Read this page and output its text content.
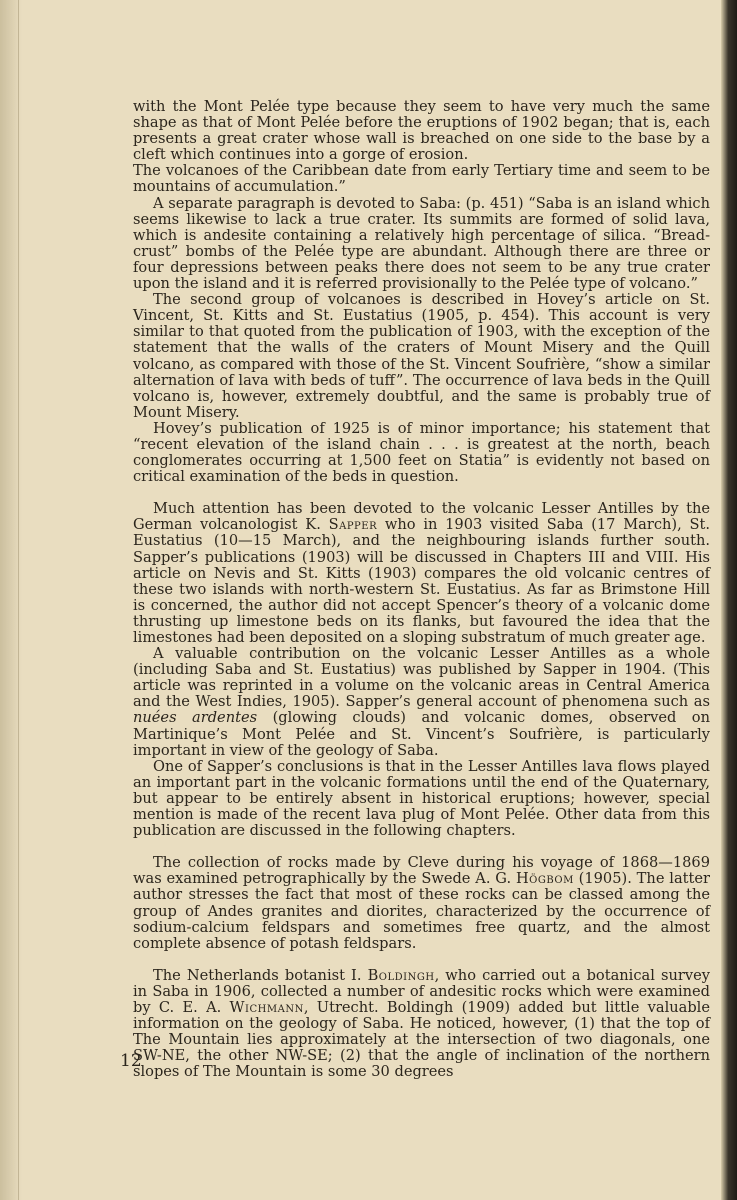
with the Mont Pelée type because they seem to have very much the same shape as that of Mont Pelée before the eruptions of 1902 began; that is, each presents a great crater whose wall is breached on one side to the base by a cleft which continues into a gorge of erosion.

The volcanoes of the Caribbean date from early Tertiary time and seem to be mountains of accumulation.”

A separate paragraph is devoted to Saba: (p. 451) “Saba is an island which seems likewise to lack a true crater. Its summits are formed of solid lava, which is andesite containing a relatively high percentage of silica. “Bread-crust” bombs of the Pelée type are abundant. Although there are three or four depressions between peaks there does not seem to be any true crater upon the island and it is referred provisionally to the Pelée type of volcano.”

The second group of volcanoes is described in Hovey’s article on St. Vincent, St. Kitts and St. Eustatius (1905, p. 454). This account is very similar to that quoted from the publication of 1903, with the exception of the statement that the walls of the craters of Mount Misery and the Quill volcano, as compared with those of the St. Vincent Soufrière, “show a similar alternation of lava with beds of tuff”. The occurrence of lava beds in the Quill volcano is, however, extremely doubtful, and the same is probably true of Mount Misery.

Hovey’s publication of 1925 is of minor importance; his statement that “recent elevation of the island chain . . . is greatest at the north, beach conglomerates occurring at 1,500 feet on Statia” is evidently not based on critical examination of the beds in question.

Much attention has been devoted to the volcanic Lesser Antilles by the German volcanologist K. Sapper who in 1903 visited Saba (17 March), St. Eustatius (10—15 March), and the neighbouring islands further south. Sapper’s publications (1903) will be discussed in Chapters III and VIII. His article on Nevis and St. Kitts (1903) compares the old volcanic centres of these two islands with north-western St. Eustatius. As far as Brimstone Hill is concerned, the author did not accept Spencer’s theory of a volcanic dome thrusting up limestone beds on its flanks, but favoured the idea that the limestones had been deposited on a sloping substratum of much greater age.

A valuable contribution on the volcanic Lesser Antilles as a whole (including Saba and St. Eustatius) was published by Sapper in 1904. (This article was reprinted in a volume on the volcanic areas in Central America and the West Indies, 1905). Sapper’s general account of phenomena such as nuées ardentes (glowing clouds) and volcanic domes, observed on Martinique’s Mont Pelée and St. Vincent’s Soufrière, is particularly important in view of the geology of Saba.

One of Sapper’s conclusions is that in the Lesser Antilles lava flows played an important part in the volcanic formations until the end of the Quaternary, but appear to be entirely absent in historical eruptions; however, special mention is made of the recent lava plug of Mont Pelée. Other data from this publication are discussed in the following chapters.

The collection of rocks made by Cleve during his voyage of 1868—1869 was examined petrographically by the Swede A. G. Högbom (1905). The latter author stresses the fact that most of these rocks can be classed among the group of Andes granites and diorites, characterized by the occurrence of sodium-calcium feldspars and sometimes free quartz, and the almost complete absence of potash feldspars.

The Netherlands botanist I. Boldingh, who carried out a botanical survey in Saba in 1906, collected a number of andesitic rocks which were examined by C. E. A. Wichmann, Utrecht. Boldingh (1909) added but little valuable information on the geology of Saba. He noticed, however, (1) that the top of The Mountain lies approximately at the intersection of two diagonals, one SW-NE, the other NW-SE; (2) that the angle of inclination of the northern slopes of The Mountain is some 30 degrees

12
